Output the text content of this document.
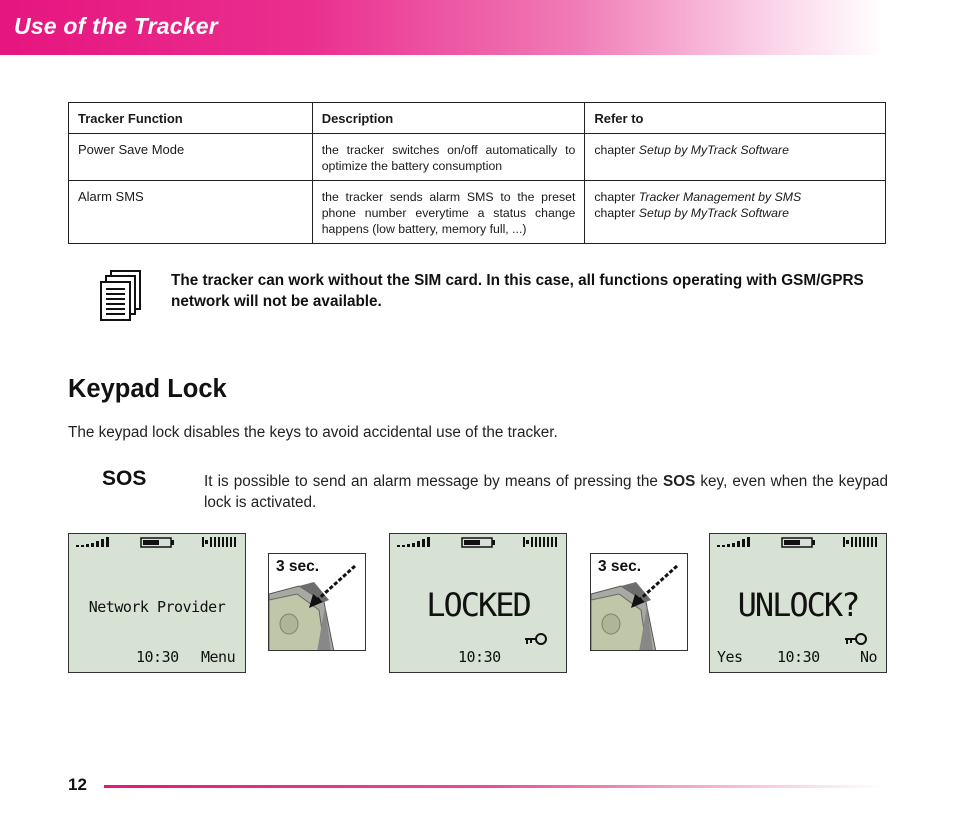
Use of the Tracker
Tracker Function	Description	Refer to
Power Save Mode	the tracker switches on/off automatically to optimize the battery consumption	chapter Setup by MyTrack Software

Alarm SMS	the tracker sends alarm SMS to the preset phone number everytime a status change happens (low battery, memory full, ...)	chapter Tracker Management by SMS
chapter Setup by MyTrack Software
The tracker can work without the SIM card. In this case, all functions operating with GSM/GPRS network will not be available.
Keypad Lock
The keypad lock disables the keys to avoid accidental use of the tracker.
SOS	It is possible to send an alarm message by means of pressing the SOS key, even when the keypad lock is activated.
Network Provider
10:30 Menu
3 sec.
LOCKED
10:30
3 sec.
UNLOCK?
Yes 10:30	No
12
